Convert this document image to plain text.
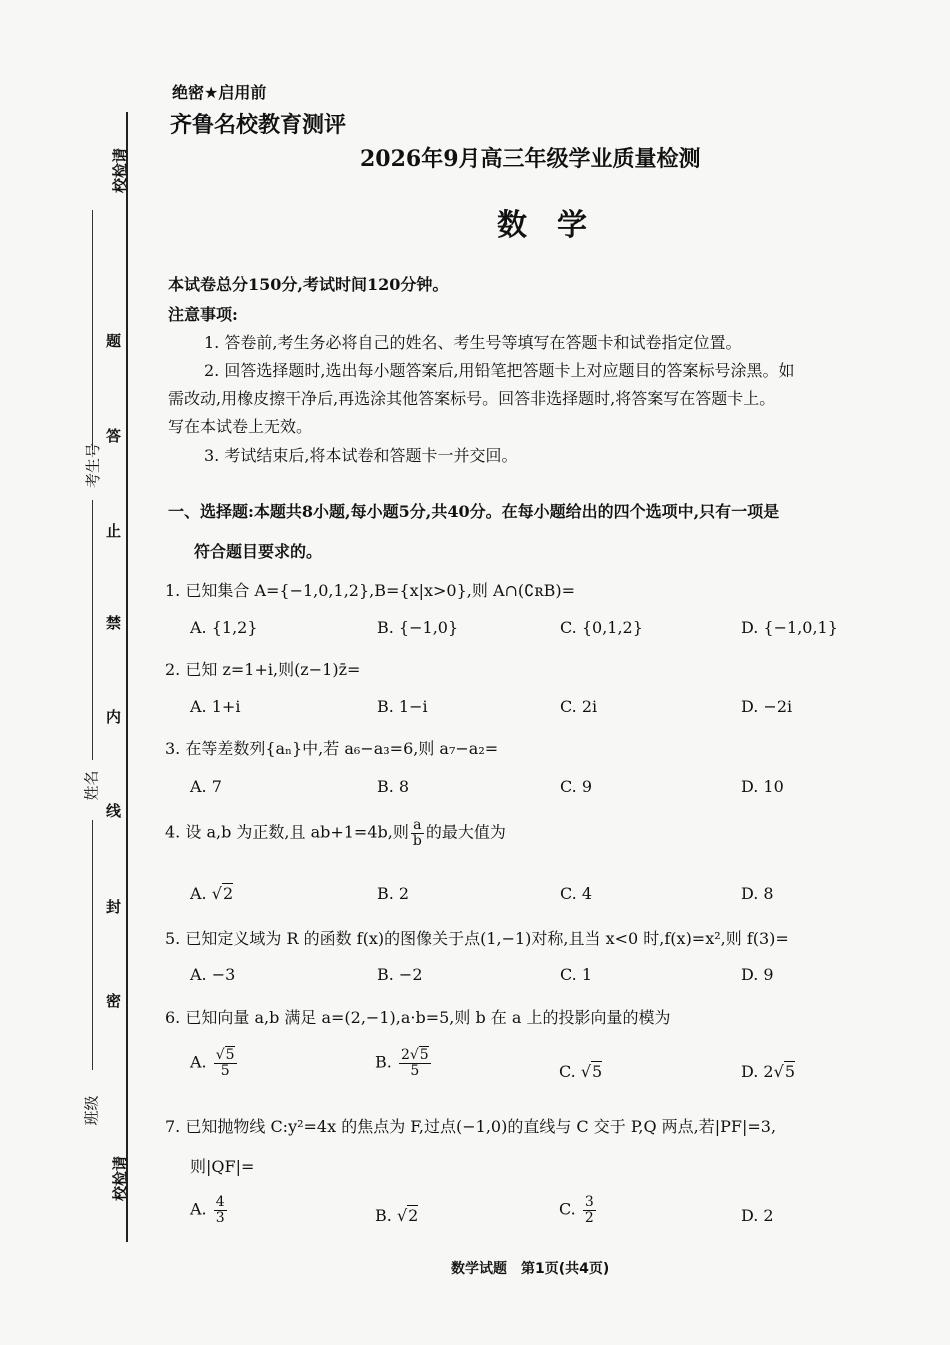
校检请
校检请
考生号
姓名
班级
题
答
止
禁
内
线
封
密
绝密★启用前
齐鲁名校教育测评
2026年9月高三年级学业质量检测
数学
本试卷总分150分,考试时间120分钟。
注意事项:
1. 答卷前,考生务必将自己的姓名、考生号等填写在答题卡和试卷指定位置。
2. 回答选择题时,选出每小题答案后,用铅笔把答题卡上对应题目的答案标号涂黑。如
需改动,用橡皮擦干净后,再选涂其他答案标号。回答非选择题时,将答案写在答题卡上。
写在本试卷上无效。
3. 考试结束后,将本试卷和答题卡一并交回。
一、选择题:本题共8小题,每小题5分,共40分。在每小题给出的四个选项中,只有一项是
符合题目要求的。
1. 已知集合 A={−1,0,1,2},B={x|x>0},则 A∩(∁ʀB)=
A. {1,2}	B. {−1,0}	C. {0,1,2}	D. {−1,0,1}
2. 已知 z=1+i,则(z−1)z̄=
A. 1+i	B. 1−i	C. 2i	D. −2i
3. 在等差数列{aₙ}中,若 a₆−a₃=6,则 a₇−a₂=
A. 7	B. 8	C. 9	D. 10
4. 设 a,b 为正数,且 ab+1=4b,则 $\frac{a}{b}$ 的最大值为
A. √2	B. 2	C. 4	D. 8
5. 已知定义域为 R 的函数 f(x)的图像关于点(1,−1)对称,且当 x<0 时,f(x)=x²,则 f(3)=
A. −3	B. −2	C. 1	D. 9
6. 已知向量 a,b 满足 a=(2,−1),a·b=5,则 b 在 a 上的投影向量的模为
A. $\frac{√5}{5}$	B. $\frac{2√5}{5}$	C. √5	D. 2√5
7. 已知抛物线 C:y²=4x 的焦点为 F,过点(−1,0)的直线与 C 交于 P,Q 两点,若|PF|=3,
则|QF|=
A. $\frac{4}{3}$	B. √2	C. $\frac{3}{2}$	D. 2
数学试题　第1页(共4页)
